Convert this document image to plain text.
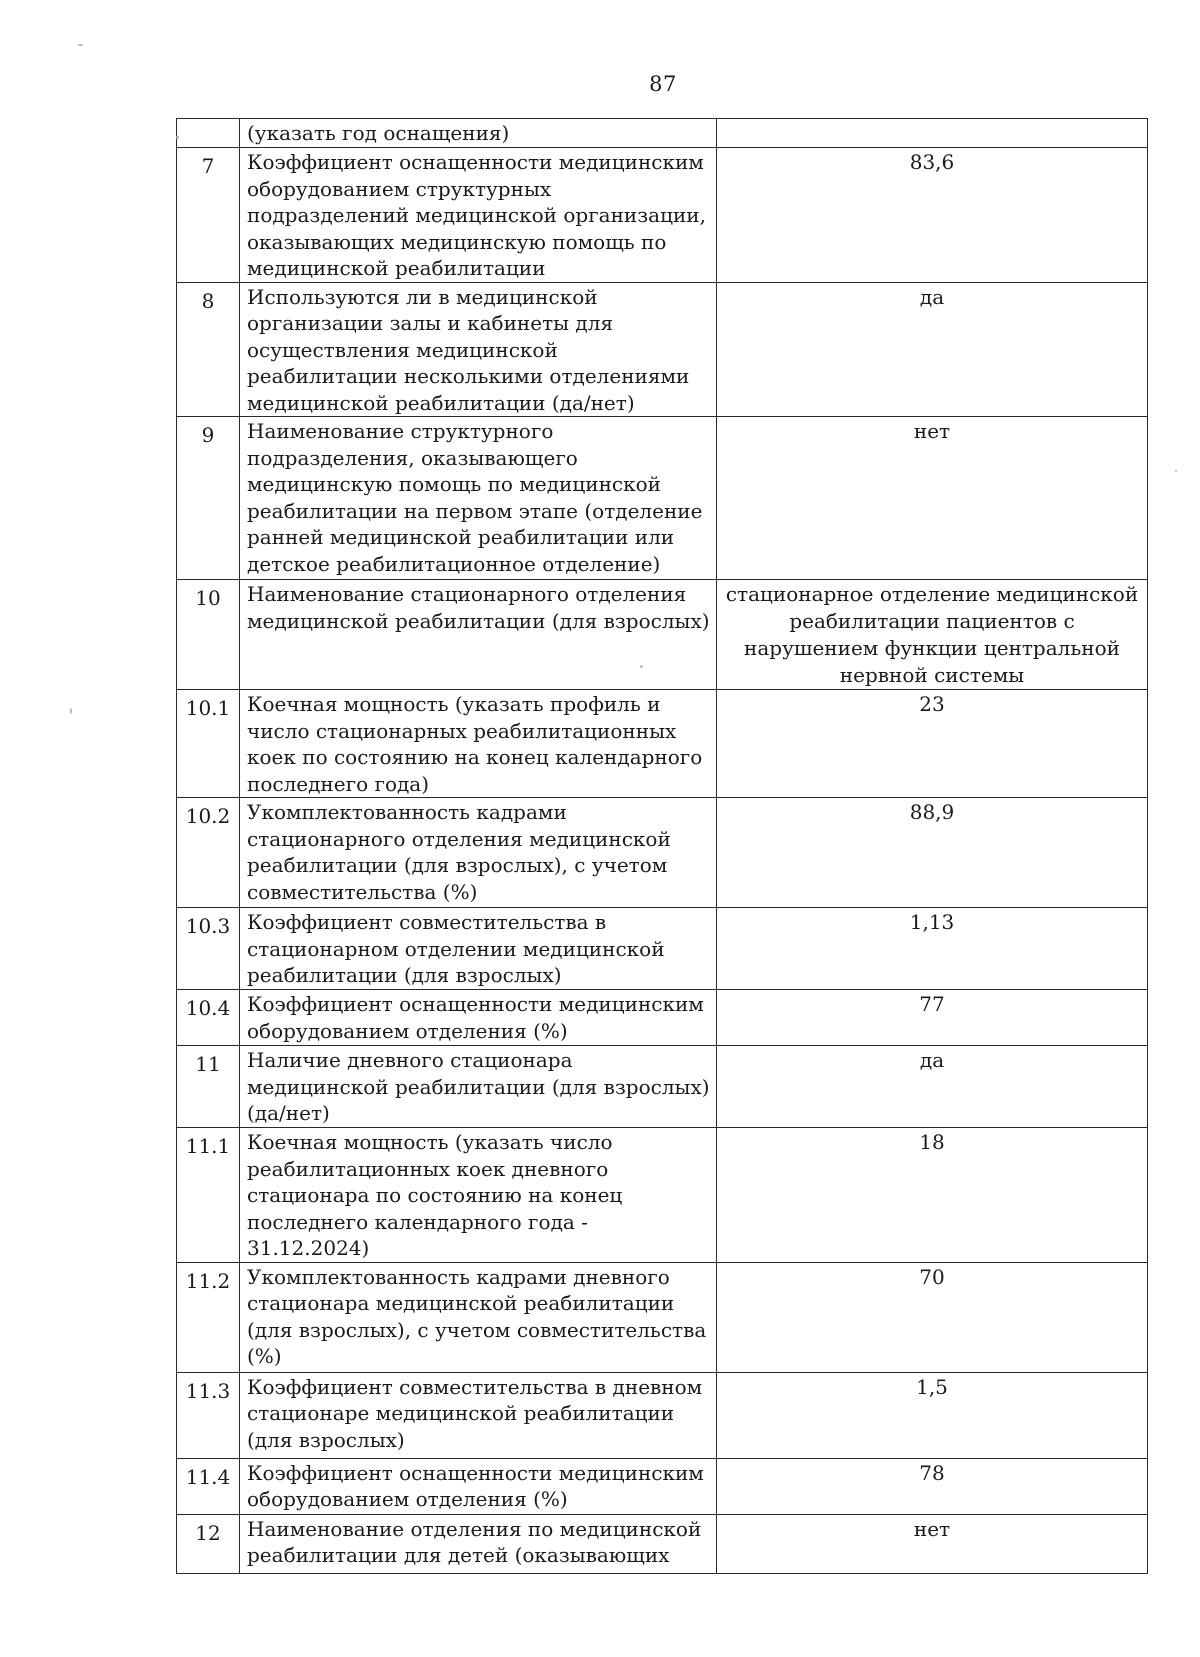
87
	(указать год оснащения)	
7	Коэффициент оснащенности медицинским оборудованием структурных подразделений медицинской организации, оказывающих медицинскую помощь по медицинской реабилитации	83,6
8	Используются ли в медицинской организации залы и кабинеты для осуществления медицинской реабилитации несколькими отделениями медицинской реабилитации (да/нет)	да
9	Наименование структурного подразделения, оказывающего медицинскую помощь по медицинской реабилитации на первом этапе (отделение ранней медицинской реабилитации или детское реабилитационное отделение)	нет
10	Наименование стационарного отделения медицинской реабилитации (для взрослых)	стационарное отделение медицинской реабилитации пациентов с нарушением функции центральной нервной системы
10.1	Коечная мощность (указать профиль и число стационарных реабилитационных коек по состоянию на конец календарного последнего года)	23
10.2	Укомплектованность кадрами стационарного отделения медицинской реабилитации (для взрослых), с учетом совместительства (%)	88,9
10.3	Коэффициент совместительства в стационарном отделении медицинской реабилитации (для взрослых)	1,13
10.4	Коэффициент оснащенности медицинским оборудованием отделения (%)	77
11	Наличие дневного стационара медицинской реабилитации (для взрослых) (да/нет)	да
11.1	Коечная мощность (указать число реабилитационных коек дневного стационара по состоянию на конец последнего календарного года - 31.12.2024)	18
11.2	Укомплектованность кадрами дневного стационара медицинской реабилитации (для взрослых), с учетом совместительства (%)	70
11.3	Коэффициент совместительства в дневном стационаре медицинской реабилитации (для взрослых)	1,5
11.4	Коэффициент оснащенности медицинским оборудованием отделения (%)	78
12	Наименование отделения по медицинской реабилитации для детей (оказывающих	нет
